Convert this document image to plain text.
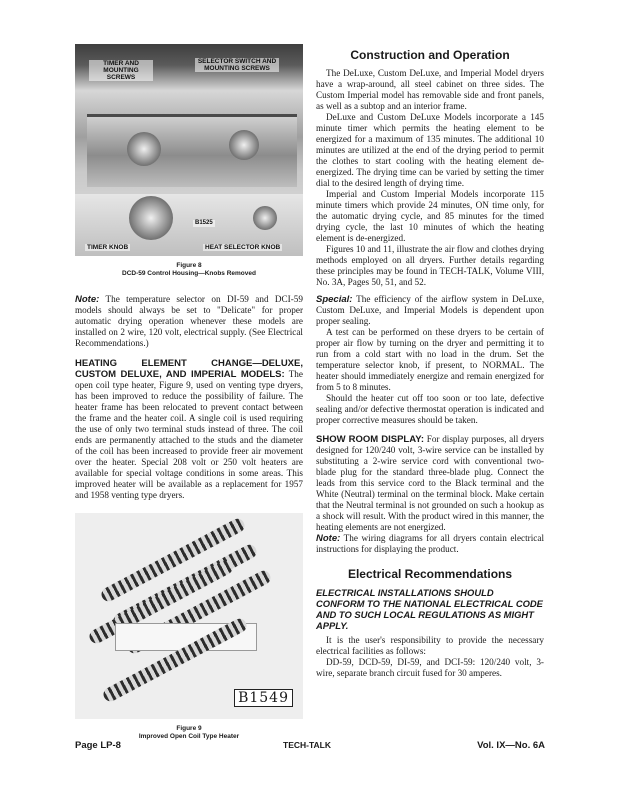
B1525
TIMER AND MOUNTING SCREWS
SELECTOR SWITCH AND MOUNTING SCREWS
TIMER KNOB	HEAT SELECTOR KNOB
Figure 8
DCD-59 Control Housing—Knobs Removed

Note: The temperature selector on DI-59 and DCI-59 models should always be set to "Delicate" for proper automatic drying operation whenever these models are installed on 2 wire, 120 volt, electrical supply. (See Electrical Recommendations.)

HEATING ELEMENT CHANGE—DELUXE, CUSTOM DELUXE, AND IMPERIAL MODELS: The open coil type heater, Figure 9, used on venting type dryers, has been improved to reduce the possibility of failure. The heater frame has been relocated to prevent contact between the frame and the heater coil. A single coil is used requiring the use of only two terminal studs instead of three. The coil ends are permanently attached to the studs and the diameter of the coil has been increased to provide freer air movement over the heater. Special 208 volt or 250 volt heaters are available for special voltage conditions in some areas. This improved heater will be available as a replacement for 1957 and 1958 venting type dryers.

B1549
Figure 9
Improved Open Coil Type Heater
Construction and Operation

The DeLuxe, Custom DeLuxe, and Imperial Model dryers have a wrap-around, all steel cabinet on three sides. The Custom Imperial model has removable side and front panels, as well as a subtop and an interior frame.

DeLuxe and Custom DeLuxe Models incorporate a 145 minute timer which permits the heating element to be energized for a maximum of 135 minutes. The additional 10 minutes are utilized at the end of the drying period to permit the clothes to start cooling with the heating element de-energized. The drying time can be varied by setting the timer dial to the desired length of drying time.

Imperial and Custom Imperial Models incorporate 115 minute timers which provide 24 minutes, ON time only, for the automatic drying cycle, and 85 minutes for the timed drying cycle, the last 10 minutes of which the heating element is de-energized.

Figures 10 and 11, illustrate the air flow and clothes drying methods employed on all dryers. Further details regarding these principles may be found in TECH-TALK, Volume VIII, No. 3A, Pages 50, 51, and 52.

Special: The efficiency of the airflow system in DeLuxe, Custom DeLuxe, and Imperial Models is dependent upon proper sealing.

A test can be performed on these dryers to be certain of proper air flow by turning on the dryer and permitting it to run from a cold start with no load in the drum. Set the temperature selector knob, if present, to NORMAL. The heater should immediately energize and remain energized for from 5 to 8 minutes.

Should the heater cut off too soon or too late, defective sealing and/or defective thermostat operation is indicated and proper corrective measures should be taken.

SHOW ROOM DISPLAY: For display purposes, all dryers designed for 120/240 volt, 3-wire service can be installed by substituting a 2-wire service cord with conventional two-blade plug for the standard three-blade plug. Connect the leads from this service cord to the Black terminal and the White (Neutral) terminal on the terminal block. Make certain that the Neutral terminal is not grounded on such a hookup as a shock will result. With the product wired in this manner, the heating elements are not energized.

Note: The wiring diagrams for all dryers contain electrical instructions for displaying the product.

Electrical Recommendations
ELECTRICAL INSTALLATIONS SHOULD CONFORM TO THE NATIONAL ELECTRICAL CODE AND TO SUCH LOCAL REGULATIONS AS MIGHT APPLY.

It is the user's responsibility to provide the necessary electrical facilities as follows:

DD-59, DCD-59, DI-59, and DCI-59: 120/240 volt, 3-wire, separate branch circuit fused for 30 amperes.

Page LP-8	TECH-TALK	Vol. IX—No. 6A
